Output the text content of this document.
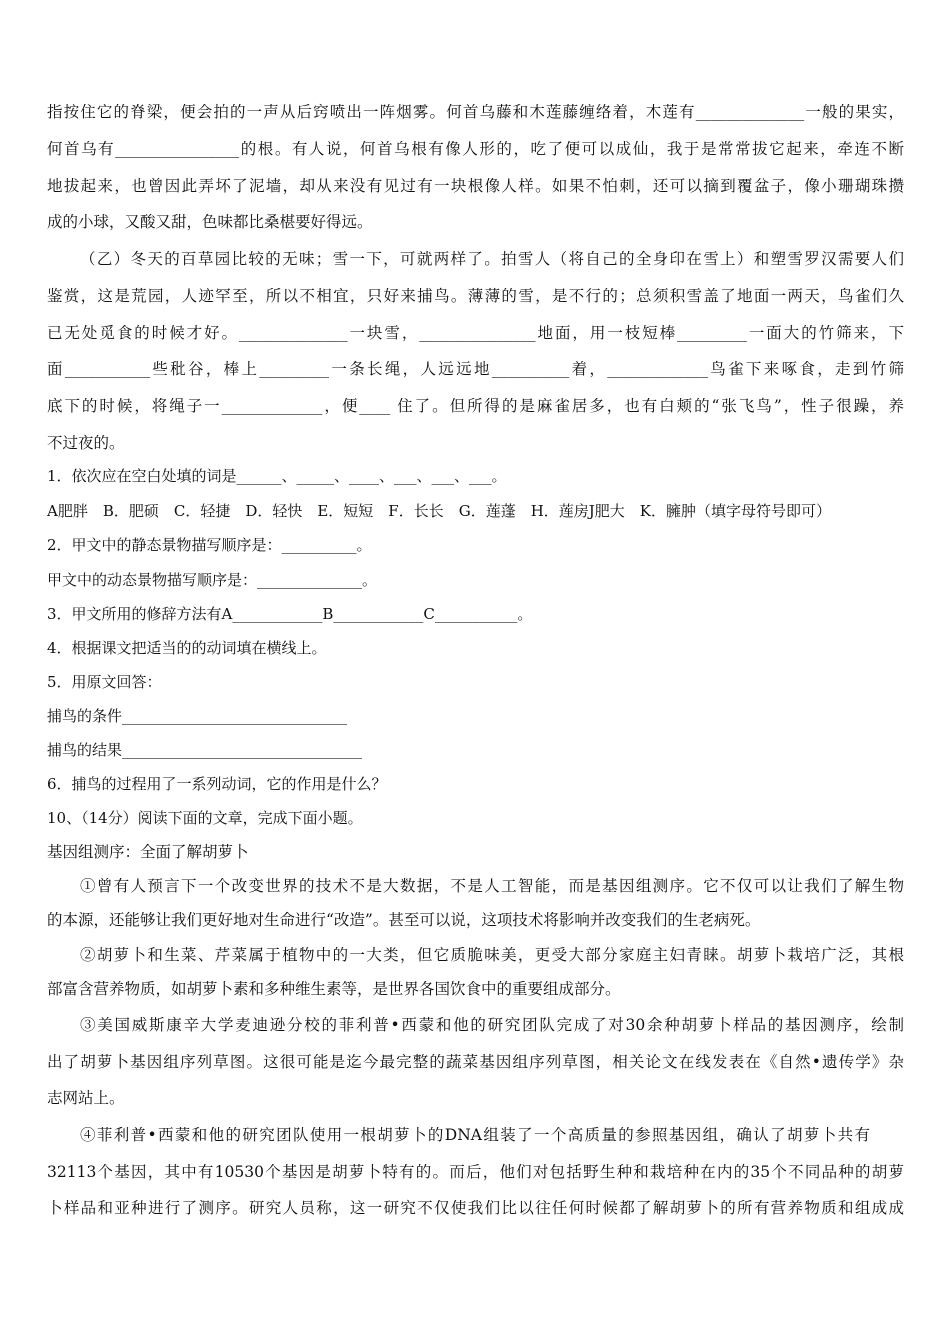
指按住它的脊梁，便会拍的一声从后窍喷出一阵烟雾。何首乌藤和木莲藤缠络着，木莲有______________一般的果实，
何首乌有________________的根。有人说，何首乌根有像人形的，吃了便可以成仙，我于是常常拔它起来，牵连不断
地拔起来，也曾因此弄坏了泥墙，却从来没有见过有一块根像人样。如果不怕刺，还可以摘到覆盆子，像小珊瑚珠攒
成的小球，又酸又甜，色味都比桑椹要好得远。
（乙）冬天的百草园比较的无味；雪一下，可就两样了。拍雪人（将自己的全身印在雪上）和塑雪罗汉需要人们
鉴赏，这是荒园，人迹罕至，所以不相宜，只好来捕鸟。薄薄的雪，是不行的；总须积雪盖了地面一两天，鸟雀们久
已无处觅食的时候才好。______________一块雪，_______________地面，用一枝短棒_________一面大的竹筛来，下
面___________些秕谷，棒上_________一条长绳，人远远地__________着，_____________鸟雀下来啄食，走到竹筛
底下的时候，将绳子一_____________，便____ 住了。但所得的是麻雀居多，也有白颊的“张飞鸟”，性子很躁，养
不过夜的。
1．依次应在空白处填的词是______、_____、____、___、___、___。
A肥胖　B．肥硕　C．轻捷　D．轻快　E．短短　F．长长　G．莲蓬　H．莲房J肥大　K．臃肿（填字母符号即可）
2．甲文中的静态景物描写顺序是：__________。
甲文中的动态景物描写顺序是：______________。
3．甲文所用的修辞方法有A____________B____________C___________。
4．根据课文把适当的的动词填在横线上。
5．用原文回答：
捕鸟的条件______________________________
捕鸟的结果________________________________
6．捕鸟的过程用了一系列动词，它的作用是什么？
10、（14分）阅读下面的文章，完成下面小题。
基因组测序：全面了解胡萝卜
①曾有人预言下一个改变世界的技术不是大数据，不是人工智能，而是基因组测序。它不仅可以让我们了解生物
的本源，还能够让我们更好地对生命进行“改造”。甚至可以说，这项技术将影响并改变我们的生老病死。
②胡萝卜和生菜、芹菜属于植物中的一大类，但它质脆味美，更受大部分家庭主妇青睐。胡萝卜栽培广泛，其根
部富含营养物质，如胡萝卜素和多种维生素等，是世界各国饮食中的重要组成部分。
③美国威斯康辛大学麦迪逊分校的菲利普•西蒙和他的研究团队完成了对30余种胡萝卜样品的基因测序，绘制
出了胡萝卜基因组序列草图。这很可能是迄今最完整的蔬菜基因组序列草图，相关论文在线发表在《自然•遗传学》杂
志网站上。
④菲利普•西蒙和他的研究团队使用一根胡萝卜的DNA组装了一个高质量的参照基因组，确认了胡萝卜共有
32113个基因，其中有10530个基因是胡萝卜特有的。而后，他们对包括野生种和栽培种在内的35个不同品种的胡萝
卜样品和亚种进行了测序。研究人员称，这一研究不仅使我们比以往任何时候都了解胡萝卜的所有营养物质和组成成
